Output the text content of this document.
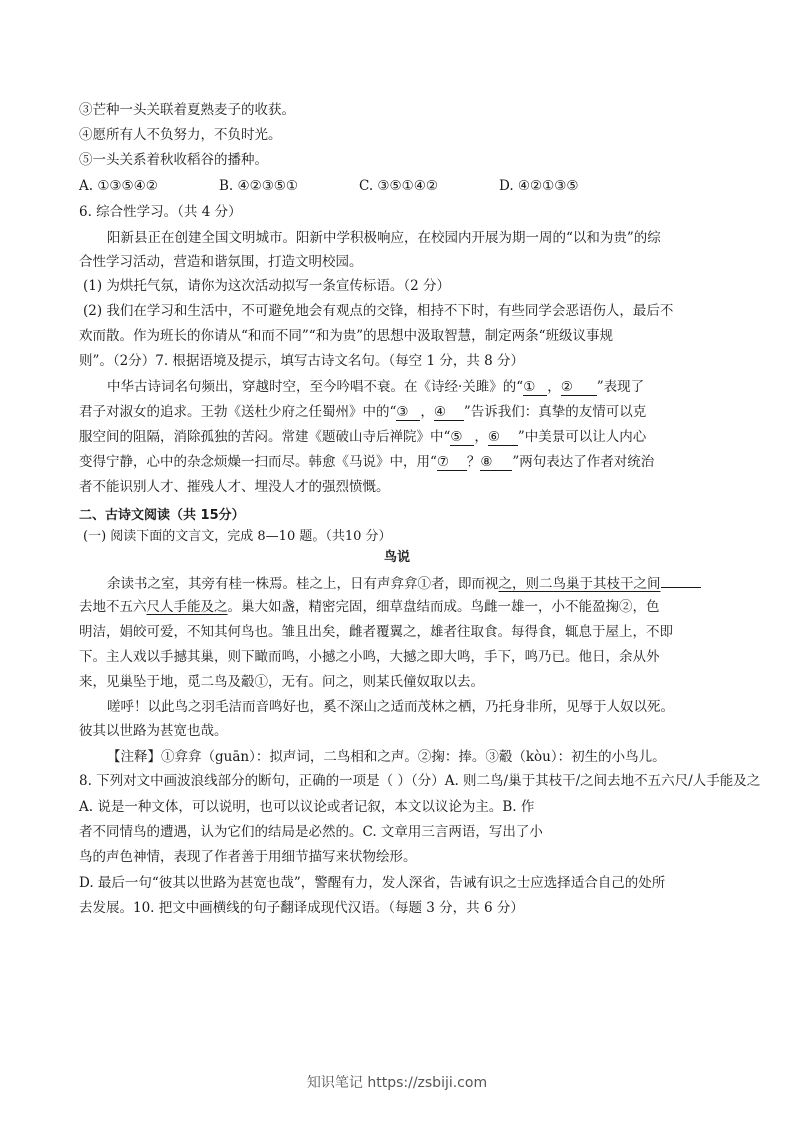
③芒种一头关联着夏熟麦子的收获。
④愿所有人不负努力，不负时光。
⑤一头关系着秋收稻谷的播种。
A. ①③⑤④②	B. ④②③⑤①	C. ③⑤①④②	D. ④②①③⑤
6. 综合性学习。（共 4 分）
阳新县正在创建全国文明城市。阳新中学积极响应，在校园内开展为期一周的“以和为贵”的综
合性学习活动，营造和谐氛围，打造文明校园。
(1) 为烘托气氛，请你为这次活动拟写一条宣传标语。（2 分）
(2) 我们在学习和生活中，不可避免地会有观点的交锋，相持不下时，有些同学会恶语伤人，最后不
欢而散。作为班长的你请从“和而不同”“和为贵”的思想中汲取智慧，制定两条“班级议事规
则”。（2分）7. 根据语境及提示，填写古诗文名句。（每空 1 分，共 8 分）
中华古诗词名句频出，穿越时空，至今吟唱不衰。在《诗经·关雎》的“① ，② ”表现了
君子对淑女的追求。王勃《送杜少府之任蜀州》中的“③ ，④ ”告诉我们：真挚的友情可以克
服空间的阻隔，消除孤独的苦闷。常建《题破山寺后禅院》中“⑤ ，⑥ ”中美景可以让人内心
变得宁静，心中的杂念烦燥一扫而尽。韩愈《马说》中，用“⑦ ？⑧ ”两句表达了作者对统治
者不能识别人才、摧残人才、埋没人才的强烈愤慨。
二、古诗文阅读（共 15分）
(一) 阅读下面的文言文，完成 8—10 题。（共10 分）
鸟说
余读书之室，其旁有桂一株焉。桂之上，日有声弇弇①者，即而视之，则二鸟巢于其枝干之间
去地不五六尺人手能及之。巢大如盏，精密完固，细草盘结而成。鸟雌一雄一，小不能盈掬②，色
明洁，娟皎可爱，不知其何鸟也。雏且出矣，雌者覆翼之，雄者往取食。每得食，辄息于屋上，不即
下。主人戏以手撼其巢，则下瞰而鸣，小撼之小鸣，大撼之即大鸣，手下，鸣乃已。他日，余从外
来，见巢坠于地，觅二鸟及觳①，无有。问之，则某氏僮奴取以去。
嗟呼！以此鸟之羽毛洁而音鸣好也，奚不深山之适而茂林之栖，乃托身非所，见辱于人奴以死。
彼其以世路为甚宽也哉。
【注释】①弇弇（guān）：拟声词，二鸟相和之声。②掬：捧。③觳（kòu）：初生的小鸟儿。
8. 下列对文中画波浪线部分的断句，正确的一项是（ ）（分）A. 则二鸟/巢于其枝干/之间去地不五六尺/人手能及之
A. 说是一种文体，可以说明，也可以议论或者记叙，本文以议论为主。B. 作
者不同情鸟的遭遇，认为它们的结局是必然的。C. 文章用三言两语，写出了小
鸟的声色神情，表现了作者善于用细节描写来状物绘形。
D. 最后一句“彼其以世路为甚宽也哉”，警醒有力，发人深省，告诫有识之士应选择适合自己的处所
去发展。10. 把文中画横线的句子翻译成现代汉语。（每题 3 分，共 6 分）
知识笔记 https://zsbiji.com
